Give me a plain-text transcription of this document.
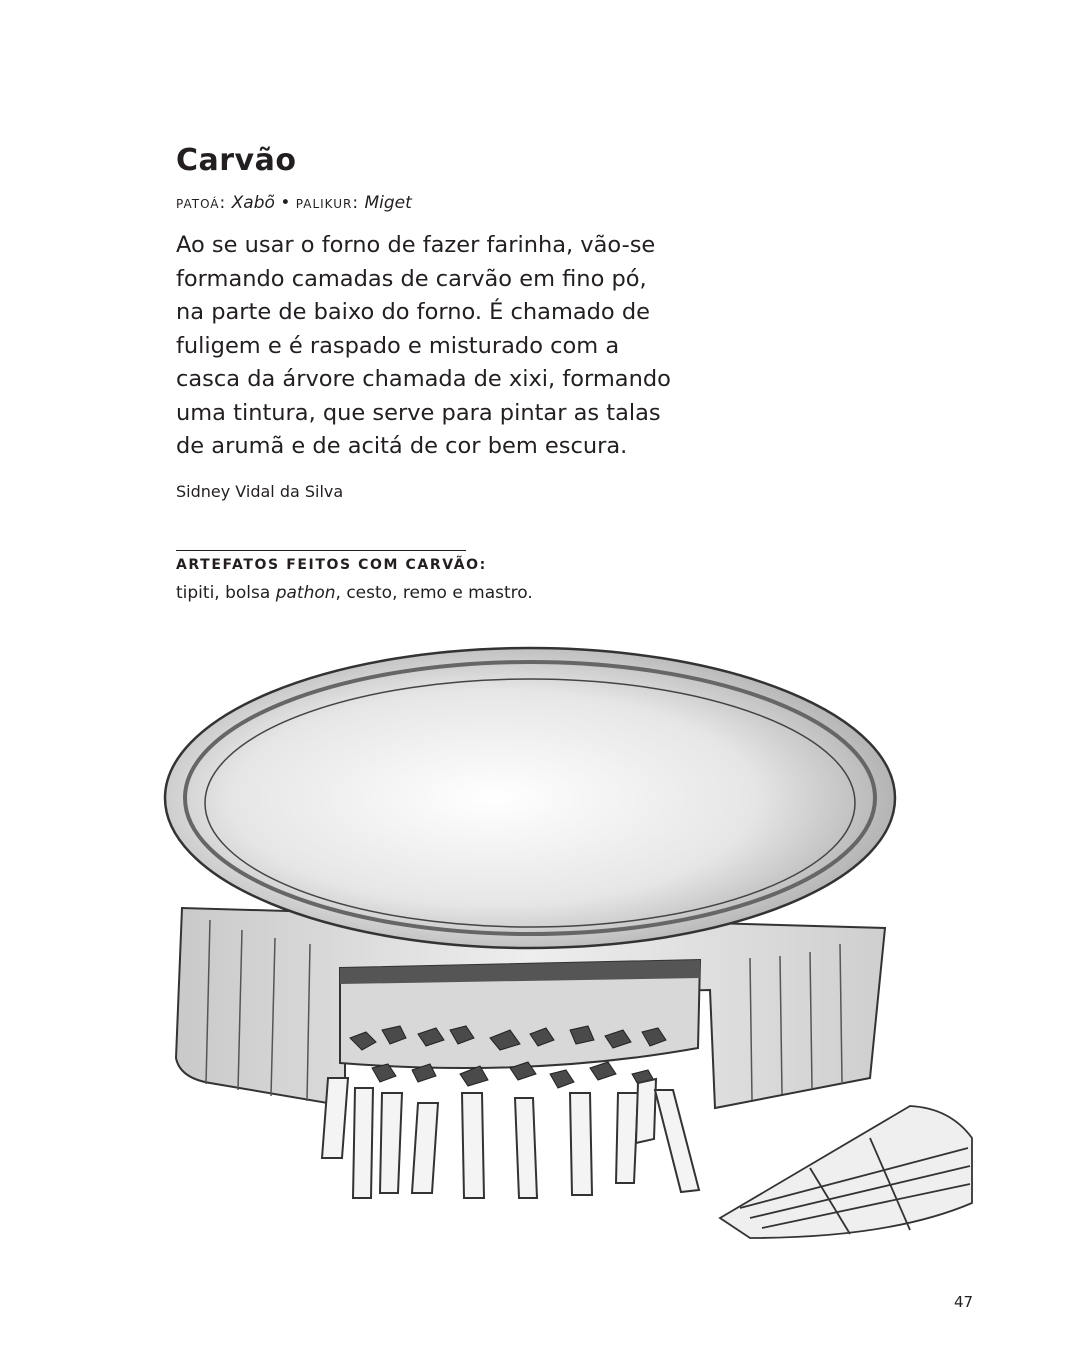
Carvão
patoá: Xabõ • palikur: Miget

Ao se usar o forno de fazer farinha, vão-se

formando camadas de carvão em fino pó,

na parte de baixo do forno. É chamado de

fuligem e é raspado e misturado com a

casca da árvore chamada de xixi, formando

uma tintura, que serve para pintar as talas

de arumã e de acitá de cor bem escura.

Sidney Vidal da Silva
ARTEFATOS FEITOS COM CARVÃO:
tipiti, bolsa pathon, cesto, remo e mastro.
47
